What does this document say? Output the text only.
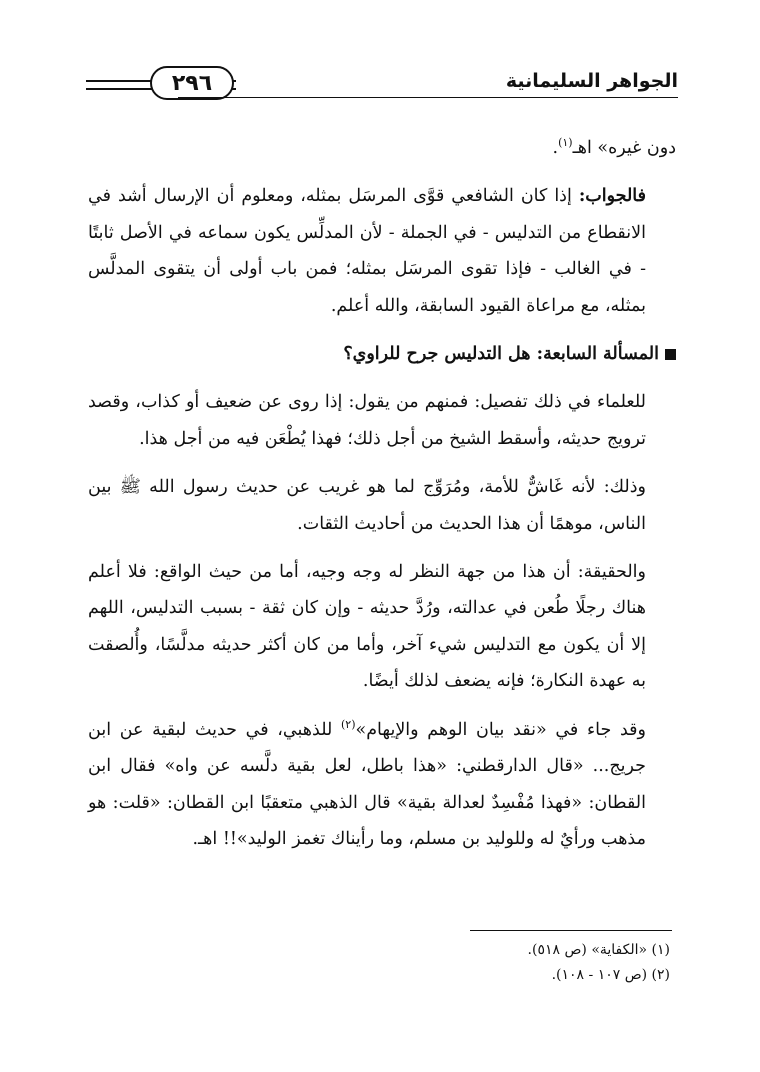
٢٩٦	الجواهر السليمانية

دون غيره» اهـ$^{(١)}$.

فالجواب: إذا كان الشافعي قوَّى المرسَل بمثله، ومعلوم أن الإرسال أشد في الانقطاع من التدليس - في الجملة - لأن المدلِّس يكون سماعه في الأصل ثابتًا - في الغالب - فإذا تقوى المرسَل بمثله؛ فمن باب أولى أن يتقوى المدلَّس بمثله، مع مراعاة القيود السابقة، والله أعلم.

المسألة السابعة: هل التدليس جرح للراوي؟

للعلماء في ذلك تفصيل: فمنهم من يقول: إذا روى عن ضعيف أو كذاب، وقصد ترويج حديثه، وأسقط الشيخ من أجل ذلك؛ فهذا يُطْعَن فيه من أجل هذا.

وذلك: لأنه غَاشٌّ للأمة، ومُرَوِّج لما هو غريب عن حديث رسول الله ﷺ بين الناس، موهمًا أن هذا الحديث من أحاديث الثقات.

والحقيقة: أن هذا من جهة النظر له وجه وجيه، أما من حيث الواقع: فلا أعلم هناك رجلًا طُعن في عدالته، ورُدَّ حديثه - وإن كان ثقة - بسبب التدليس، اللهم إلا أن يكون مع التدليس شيء آخر، وأما من كان أكثر حديثه مدلَّسًا، وأُلصقت به عهدة النكارة؛ فإنه يضعف لذلك أيضًا.

وقد جاء في «نقد بيان الوهم والإيهام»$^{(٢)}$ للذهبي، في حديث لبقية عن ابن جريج... «قال الدارقطني: «هذا باطل، لعل بقية دلَّسه عن واه» فقال ابن القطان: «فهذا مُفْسِدٌ لعدالة بقية» قال الذهبي متعقبًا ابن القطان: «قلت: هو مذهب ورأيٌ له وللوليد بن مسلم، وما رأيناك تغمز الوليد»!! اهـ.

(١) «الكفاية» (ص ٥١٨).
(٢) (ص ١٠٧ - ١٠٨).
